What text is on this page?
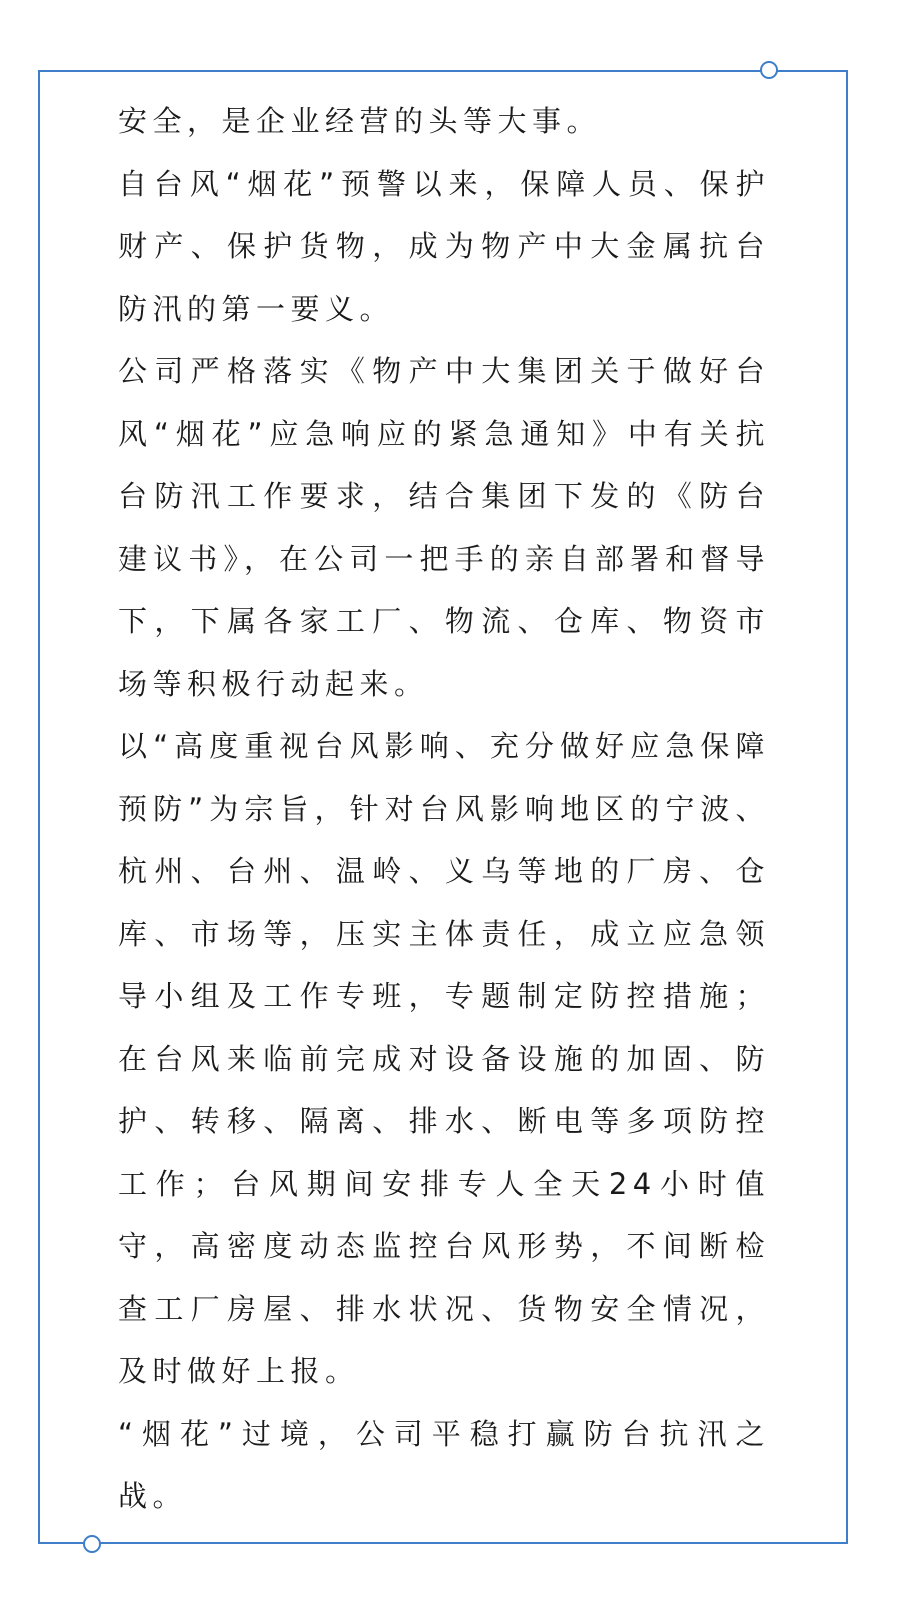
安全，是企业经营的头等大事。

自台风“烟花”预警以来，保障人员、保护财产、保护货物，成为物产中大金属抗台防汛的第一要义。

公司严格落实《物产中大集团关于做好台风“烟花”应急响应的紧急通知》中有关抗台防汛工作要求，结合集团下发的《防台建议书》，在公司一把手的亲自部署和督导下，下属各家工厂、物流、仓库、物资市场等积极行动起来。

以“高度重视台风影响、充分做好应急保障预防”为宗旨，针对台风影响地区的宁波、杭州、台州、温岭、义乌等地的厂房、仓库、市场等，压实主体责任，成立应急领导小组及工作专班，专题制定防控措施；在台风来临前完成对设备设施的加固、防护、转移、隔离、排水、断电等多项防控工作；台风期间安排专人全天24小时值守，高密度动态监控台风形势，不间断检查工厂房屋、排水状况、货物安全情况，及时做好上报。

“烟花”过境，公司平稳打赢防台抗汛之战。
